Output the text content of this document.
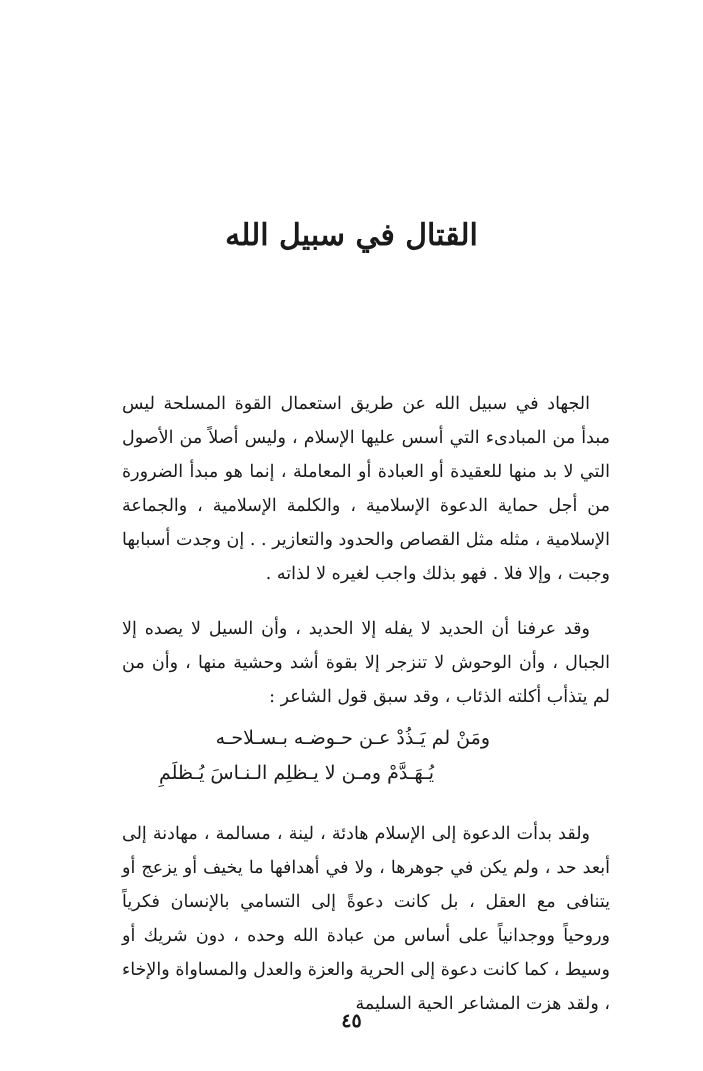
القتال في سبيل الله

الجهاد في سبيل الله عن طريق استعمال القوة المسلحة ليس مبدأ من المبادىء التي أسس عليها الإسلام ، وليس أصلاً من الأصول التي لا بد منها للعقيدة أو العبادة أو المعاملة ، إنما هو مبدأ الضرورة من أجل حماية الدعوة الإسلامية ، والكلمة الإسلامية ، والجماعة الإسلامية ، مثله مثل القصاص والحدود والتعازير . . إن وجدت أسبابها وجبت ، وإلا فلا . فهو بذلك واجب لغيره لا لذاته .

وقد عرفنا أن الحديد لا يفله إلا الحديد ، وأن السيل لا يصده إلا الجبال ، وأن الوحوش لا تنزجر إلا بقوة أشد وحشية منها ، وأن من لم يتذأب أكلته الذئاب ، وقد سبق قول الشاعر :

ومَنْ لم يَـذُدْ عـن حـوضـه بـسـلاحـه

يُـهَـدَّمْ ومـن لا يـظلِم الـنـاسَ يُـظلَمِ

ولقد بدأت الدعوة إلى الإسلام هادئة ، لينة ، مسالمة ، مهادنة إلى أبعد حد ، ولم يكن في جوهرها ، ولا في أهدافها ما يخيف أو يزعج أو يتنافى مع العقل ، بل كانت دعوةً إلى التسامي بالإنسان فكرياً وروحياً ووجدانياً على أساس من عبادة الله وحده ، دون شريك أو وسيط ، كما كانت دعوة إلى الحرية والعزة والعدل والمساواة والإخاء ، ولقد هزت المشاعر الحية السليمة

٤٥
